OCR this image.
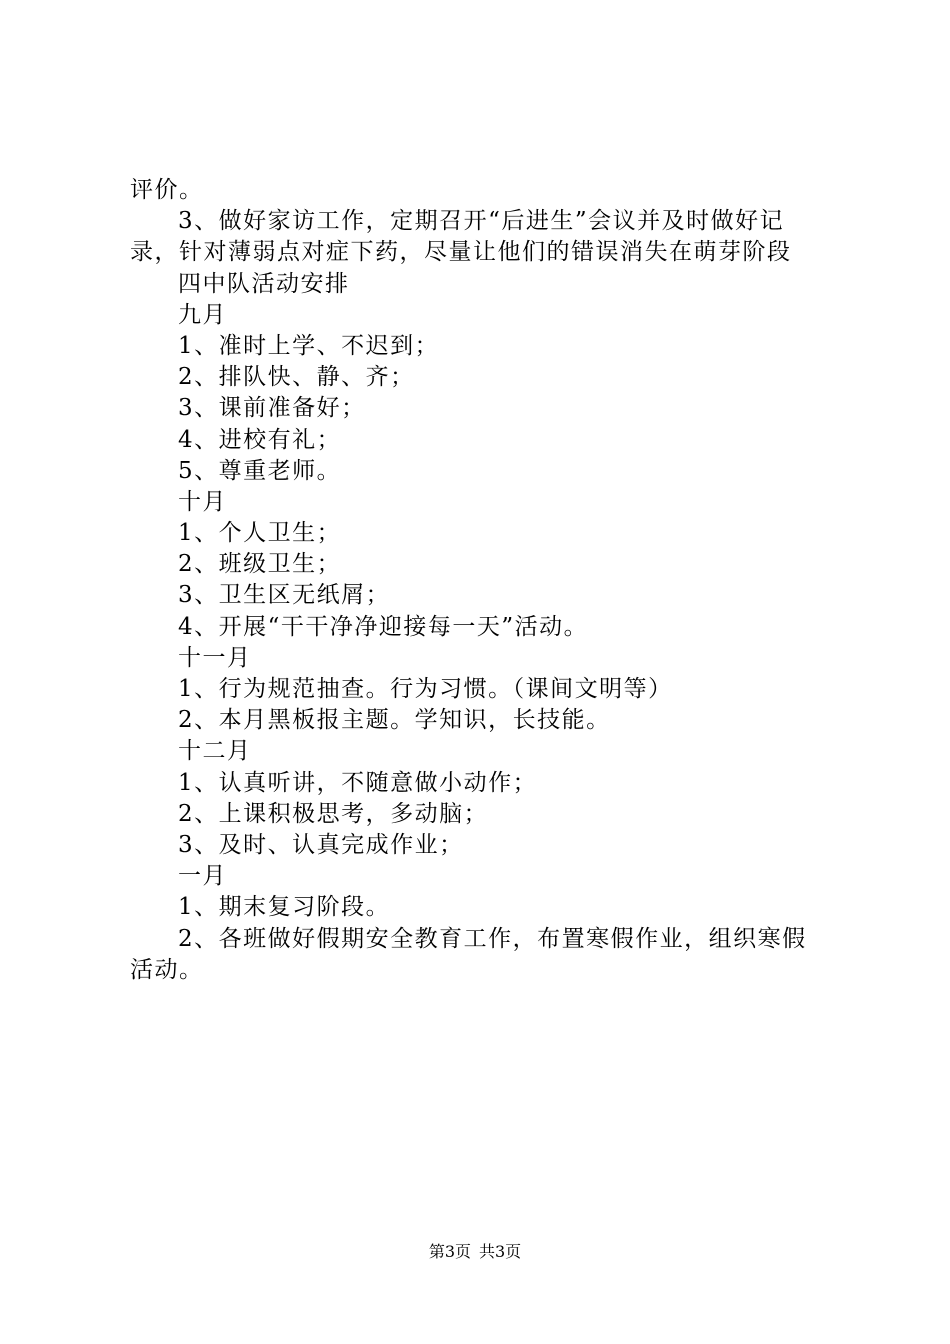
评价。
3、做好家访工作，定期召开“后进生”会议并及时做好记
录，针对薄弱点对症下药，尽量让他们的错误消失在萌芽阶段
四中队活动安排
九月
1、准时上学、不迟到；
2、排队快、静、齐；
3、课前准备好；
4、进校有礼；
5、尊重老师。
十月
1、个人卫生；
2、班级卫生；
3、卫生区无纸屑；
4、开展“干干净净迎接每一天”活动。
十一月
1、行为规范抽查。行为习惯。（课间文明等）
2、本月黑板报主题。学知识，长技能。
十二月
1、认真听讲，不随意做小动作；
2、上课积极思考，多动脑；
3、及时、认真完成作业；
一月
1、期末复习阶段。
2、各班做好假期安全教育工作，布置寒假作业，组织寒假
活动。
第3页 共3页
